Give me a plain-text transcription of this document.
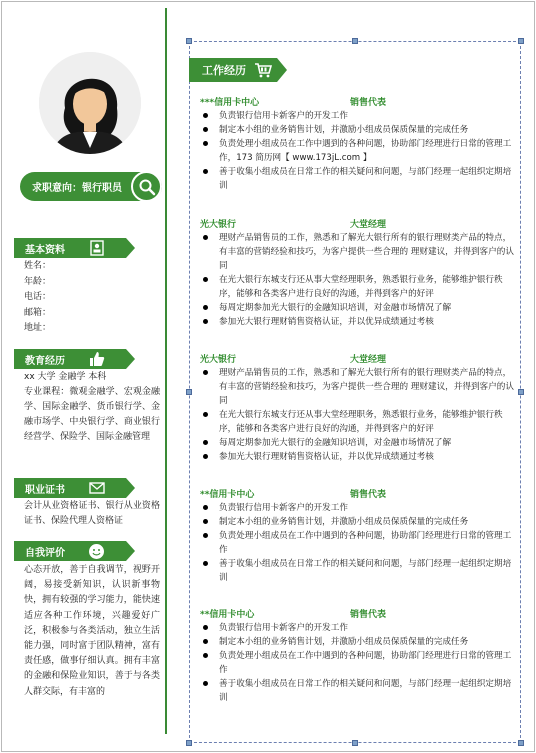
求职意向：银行职员
基本资料
姓名：
年龄：
电话：
邮箱：
地址：
教育经历
xx 大学 金融学 本科
专业课程：微观金融学、宏观金融学、国际金融学、货币银行学、金融市场学、中央银行学、商业银行经营学、保险学、国际金融管理
职业证书
会计从业资格证书、银行从业资格证书、保险代理人资格证
自我评价
心态开放，善于自我调节，视野开阔，易接受新知识，认识新事物快，拥有较强的学习能力，能快速适应各种工作环境，兴趣爱好广泛，积极参与各类活动，独立生活能力强，同时富于团队精神，富有责任感，做事仔细认真。拥有丰富的金融和保险业知识，善于与各类人群交际，有丰富的
工作经历
***信用卡中心	销售代表
负责银行信用卡新客户的开发工作
制定本小组的业务销售计划，并激励小组成员保质保量的完成任务
负责处理小组成员在工作中遇到的各种问题，协助部门经理进行日常的管理工作，173 简历网【 www.173jL.com 】
善于收集小组成员在日常工作的相关疑问和问题，与部门经理一起组织定期培训
光大银行	大堂经理
理财产品销售员的工作，熟悉和了解光大银行所有的银行理财类产品的特点，有丰富的营销经验和技巧，为客户提供一些合理的 理财建议，并得到客户的认同
在光大银行东城支行还从事大堂经理职务，熟悉银行业务，能够维护银行秩序，能够和各类客户进行良好的沟通，并得到客户的好评
每周定期参加光大银行的金融知识培训，对金融市场情况了解
参加光大银行理财销售资格认证，并以优异成绩通过考核
光大银行	大堂经理
理财产品销售员的工作，熟悉和了解光大银行所有的银行理财类产品的特点，有丰富的营销经验和技巧，为客户提供一些合理的 理财建议，并得到客户的认同
在光大银行东城支行还从事大堂经理职务，熟悉银行业务，能够维护银行秩序，能够和各类客户进行良好的沟通，并得到客户的好评
每周定期参加光大银行的金融知识培训，对金融市场情况了解
参加光大银行理财销售资格认证，并以优异成绩通过考核
**信用卡中心	销售代表
负责银行信用卡新客户的开发工作
制定本小组的业务销售计划，并激励小组成员保质保量的完成任务
负责处理小组成员在工作中遇到的各种问题，协助部门经理进行日常的管理工作
善于收集小组成员在日常工作的相关疑问和问题，与部门经理一起组织定期培训
**信用卡中心	销售代表
负责银行信用卡新客户的开发工作
制定本小组的业务销售计划，并激励小组成员保质保量的完成任务
负责处理小组成员在工作中遇到的各种问题，协助部门经理进行日常的管理工作
善于收集小组成员在日常工作的相关疑问和问题，与部门经理一起组织定期培训
